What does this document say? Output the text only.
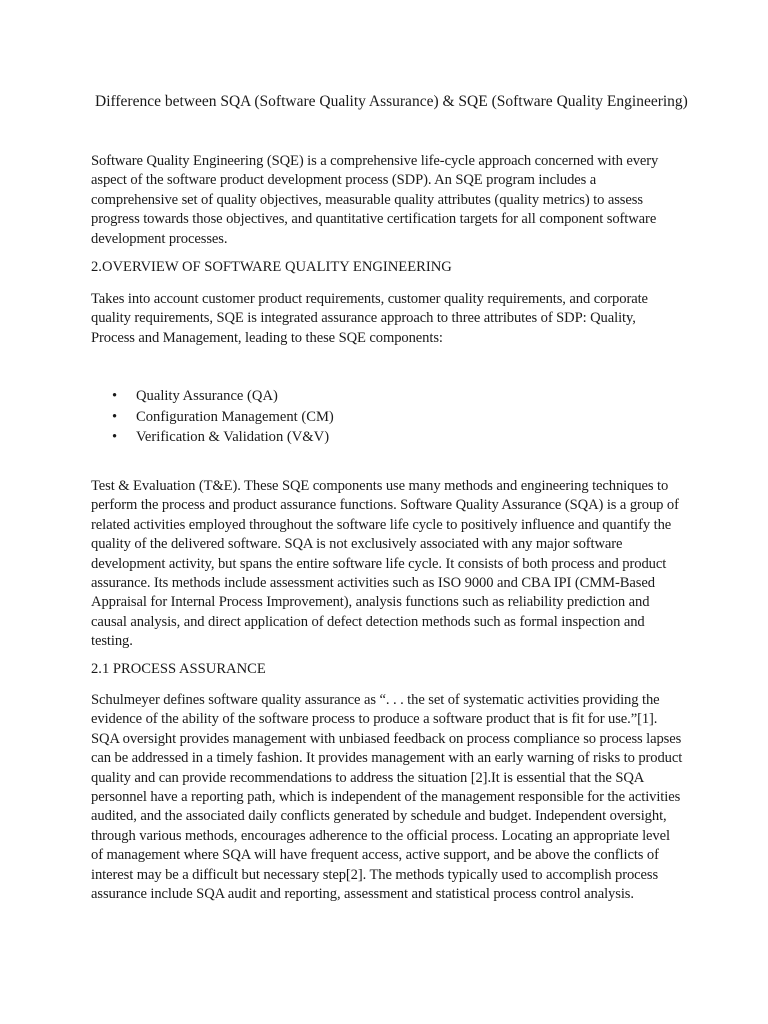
Difference between SQA (Software Quality Assurance) & SQE (Software Quality Engineering)

Software Quality Engineering (SQE) is a comprehensive life-cycle approach concerned with every aspect of the software product development process (SDP). An SQE program includes a comprehensive set of quality objectives, measurable quality attributes (quality metrics) to assess progress towards those objectives, and quantitative certification targets for all component software development processes.

2.OVERVIEW OF SOFTWARE QUALITY ENGINEERING

Takes into account customer product requirements, customer quality requirements, and corporate quality requirements, SQE is integrated assurance approach to three attributes of SDP: Quality, Process and Management, leading to these SQE components:

• Quality Assurance (QA)
• Configuration Management (CM)
• Verification & Validation (V&V)

Test & Evaluation (T&E). These SQE components use many methods and engineering techniques to perform the process and product assurance functions. Software Quality Assurance (SQA) is a group of related activities employed throughout the software life cycle to positively influence and quantify the quality of the delivered software. SQA is not exclusively associated with any major software development activity, but spans the entire software life cycle. It consists of both process and product assurance. Its methods include assessment activities such as ISO 9000 and CBA IPI (CMM-Based Appraisal for Internal Process Improvement), analysis functions such as reliability prediction and causal analysis, and direct application of defect detection methods such as formal inspection and testing.

2.1 PROCESS ASSURANCE

Schulmeyer defines software quality assurance as “. . . the set of systematic activities providing the evidence of the ability of the software process to produce a software product that is fit for use.”[1]. SQA oversight provides management with unbiased feedback on process compliance so process lapses can be addressed in a timely fashion. It provides management with an early warning of risks to product quality and can provide recommendations to address the situation [2].It is essential that the SQA personnel have a reporting path, which is independent of the management responsible for the activities audited, and the associated daily conflicts generated by schedule and budget. Independent oversight, through various methods, encourages adherence to the official process. Locating an appropriate level of management where SQA will have frequent access, active support, and be above the conflicts of interest may be a difficult but necessary step[2]. The methods typically used to accomplish process assurance include SQA audit and reporting, assessment and statistical process control analysis.
